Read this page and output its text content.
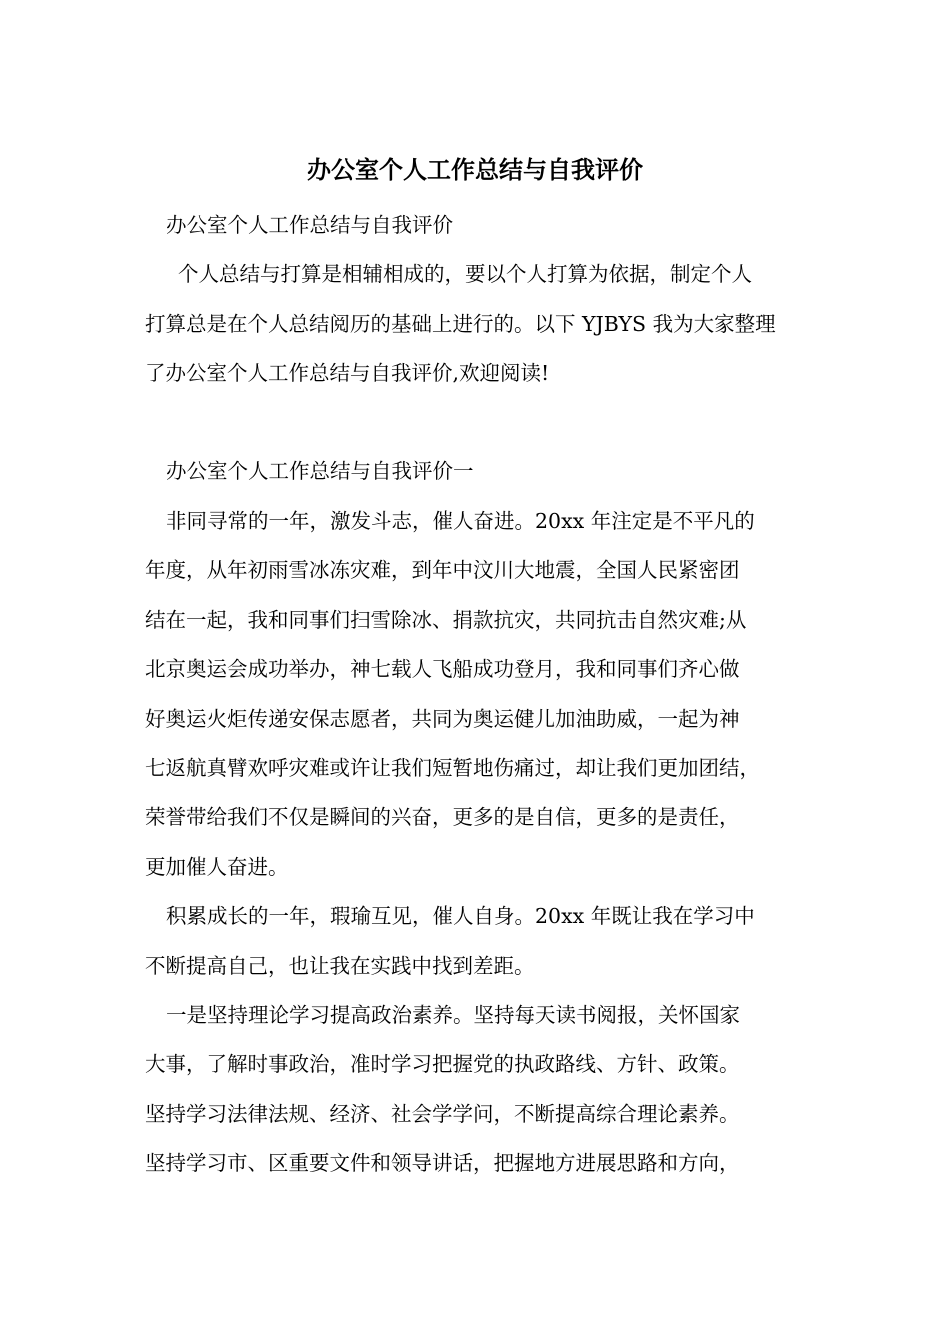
办公室个人工作总结与自我评价
办公室个人工作总结与自我评价
个人总结与打算是相辅相成的，要以个人打算为依据，制定个人
打算总是在个人总结阅历的基础上进行的。以下 YJBYS 我为大家整理
了办公室个人工作总结与自我评价,欢迎阅读!
办公室个人工作总结与自我评价一
非同寻常的一年，激发斗志，催人奋进。20xx 年注定是不平凡的
年度，从年初雨雪冰冻灾难，到年中汶川大地震，全国人民紧密团
结在一起，我和同事们扫雪除冰、捐款抗灾，共同抗击自然灾难;从
北京奥运会成功举办，神七载人飞船成功登月，我和同事们齐心做
好奥运火炬传递安保志愿者，共同为奥运健儿加油助威，一起为神
七返航真臂欢呼灾难或许让我们短暂地伤痛过，却让我们更加团结，
荣誉带给我们不仅是瞬间的兴奋，更多的是自信，更多的是责任，
更加催人奋进。
积累成长的一年，瑕瑜互见，催人自身。20xx 年既让我在学习中
不断提高自己，也让我在实践中找到差距。
一是坚持理论学习提高政治素养。坚持每天读书阅报，关怀国家
大事，了解时事政治，准时学习把握党的执政路线、方针、政策。
坚持学习法律法规、经济、社会学学问，不断提高综合理论素养。
坚持学习市、区重要文件和领导讲话，把握地方进展思路和方向，
